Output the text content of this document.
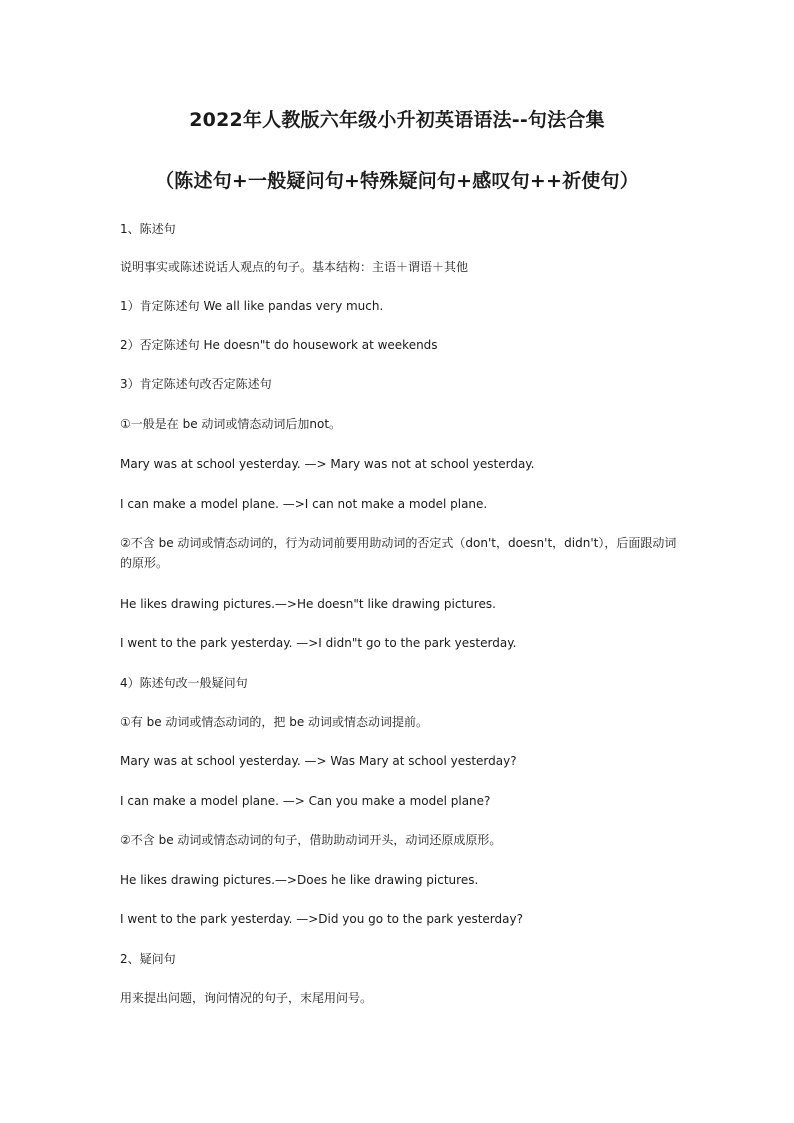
2022年人教版六年级小升初英语语法--句法合集
（陈述句+一般疑问句+特殊疑问句+感叹句++祈使句）
1、陈述句
说明事实或陈述说话人观点的句子。基本结构：主语＋谓语＋其他
1）肯定陈述句 We all like pandas very much.
2）否定陈述句 He doesn"t do housework at weekends
3）肯定陈述句改否定陈述句
①一般是在 be 动词或情态动词后加not。
Mary was at school yesterday. —> Mary was not at school yesterday.
I can make a model plane. —>I can not make a model plane.
②不含 be 动词或情态动词的，行为动词前要用助动词的否定式（don't，doesn't，didn't），后面跟动词的原形。
He likes drawing pictures.—>He doesn"t like drawing pictures.
I went to the park yesterday. —>I didn"t go to the park yesterday.
4）陈述句改一般疑问句
①有 be 动词或情态动词的，把 be 动词或情态动词提前。
Mary was at school yesterday. —> Was Mary at school yesterday?
I can make a model plane. —> Can you make a model plane?
②不含 be 动词或情态动词的句子，借助助动词开头，动词还原成原形。
He likes drawing pictures.—>Does he like drawing pictures.
I went to the park yesterday. —>Did you go to the park yesterday?
2、疑问句
用来提出问题，询问情况的句子，末尾用问号。
